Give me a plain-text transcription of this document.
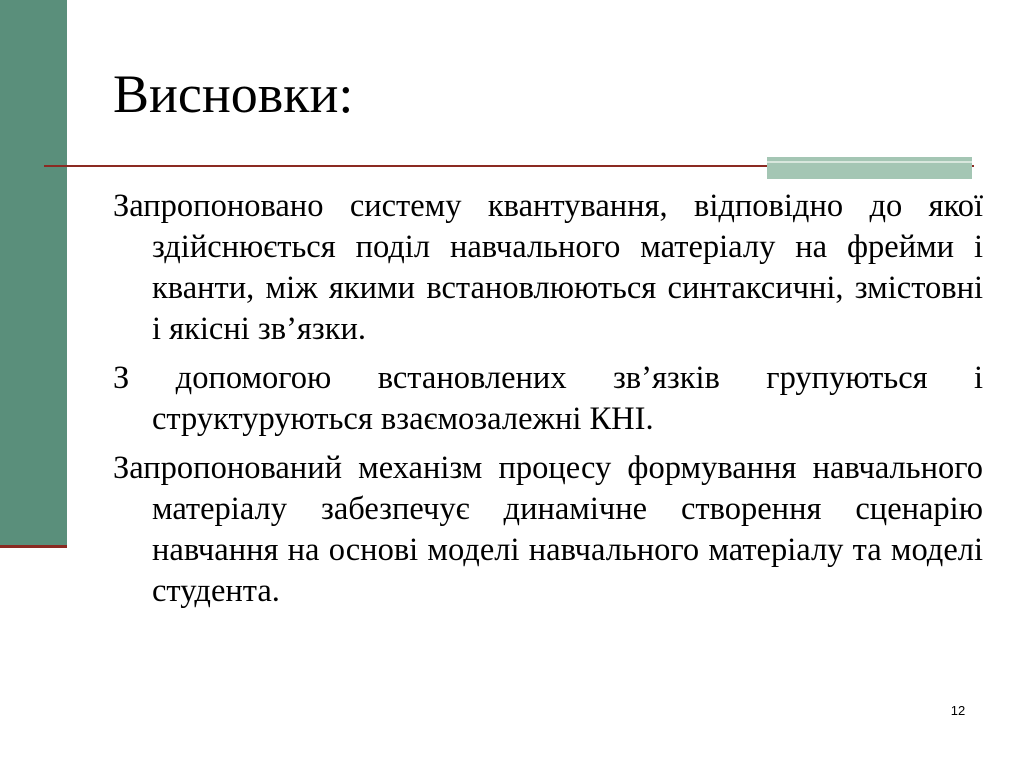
Висновки:
Запропоновано систему квантування, відповідно до якої здійснюється поділ навчального матеріалу на фрейми і кванти, між якими встановлюються синтаксичні, змістовні і якісні зв’язки.
З допомогою встановлених зв’язків групуються і структуруються взаємозалежні КНІ.
Запропонований механізм процесу формування навчального матеріалу забезпечує динамічне створення сценарію навчання на основі моделі навчального матеріалу та моделі студента.
12
